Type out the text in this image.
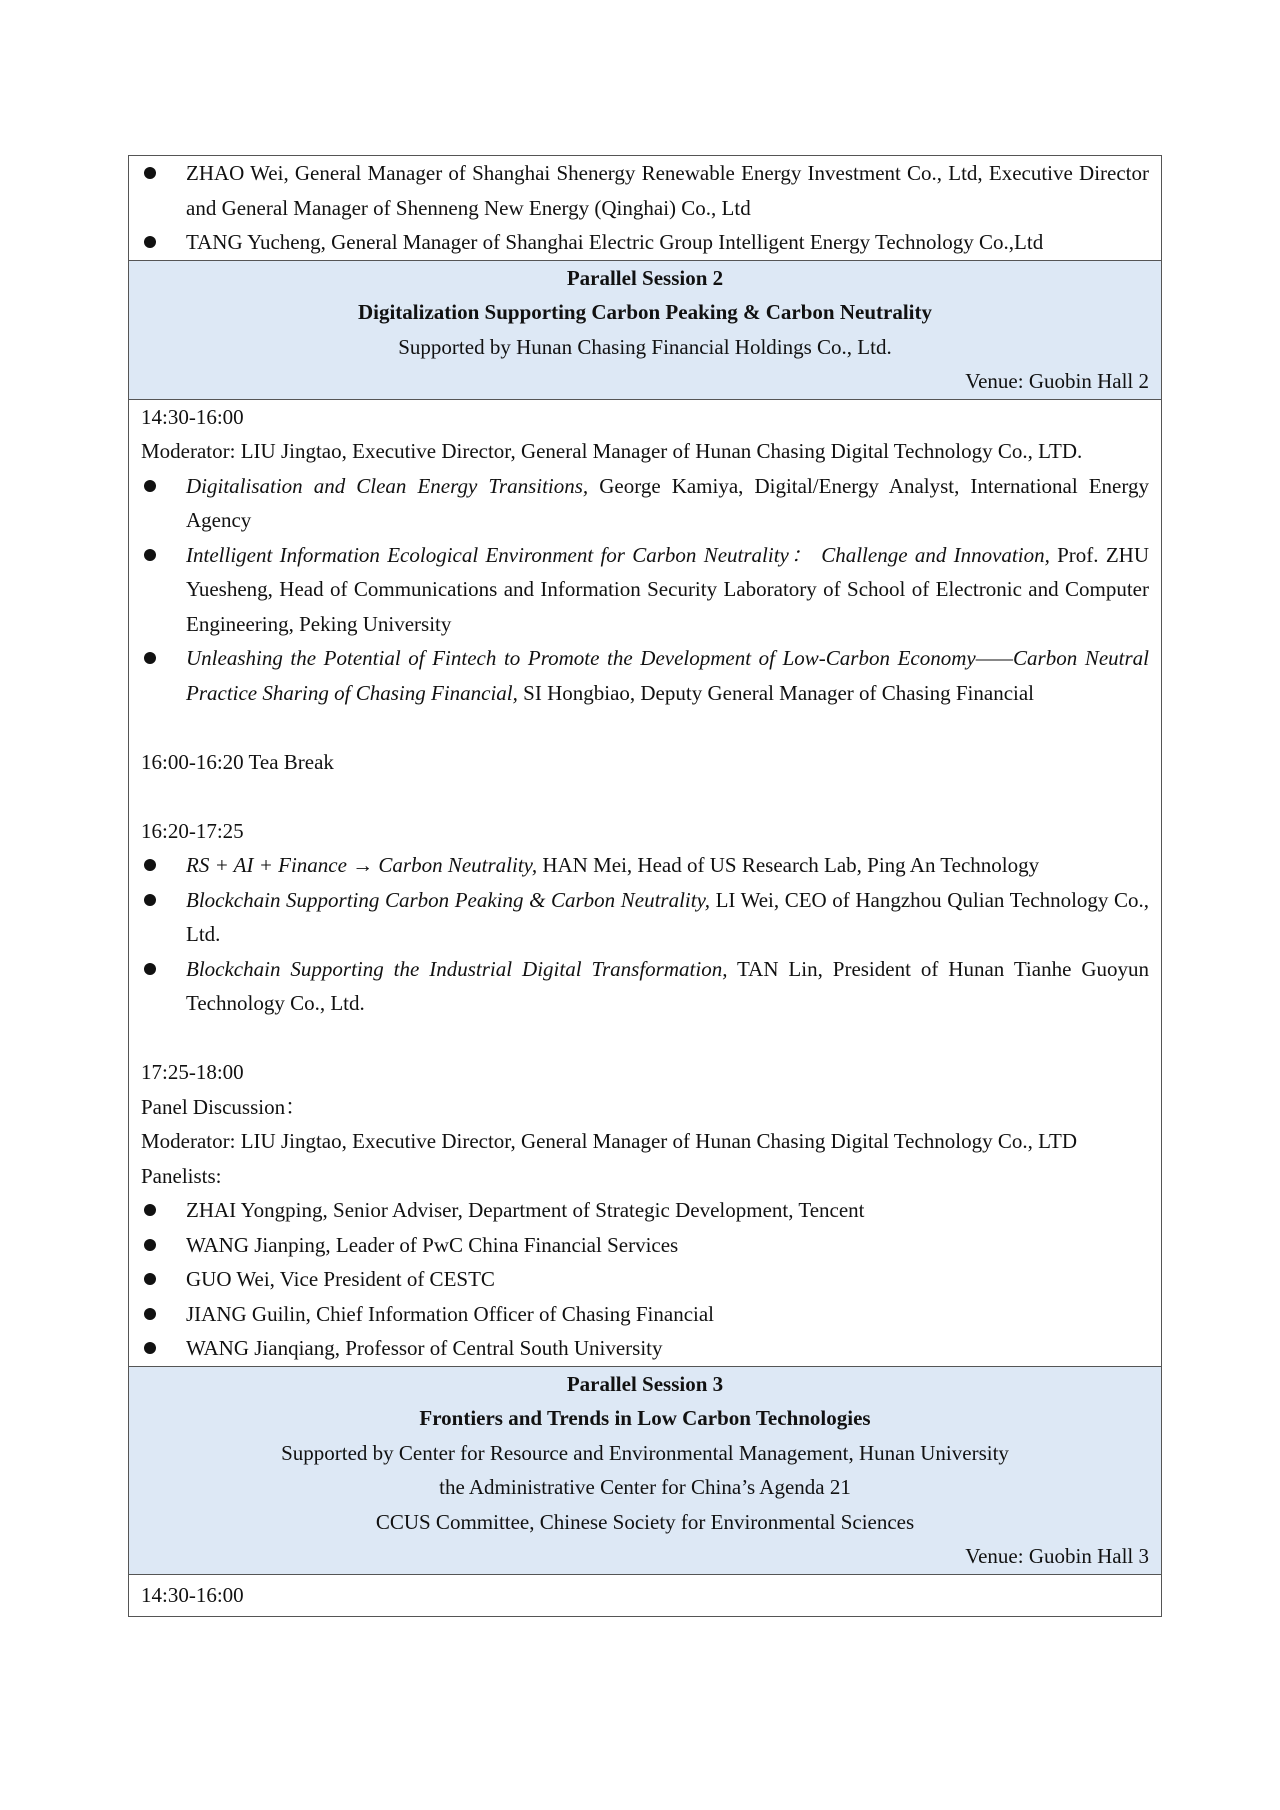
ZHAO Wei, General Manager of Shanghai Shenergy Renewable Energy Investment Co., Ltd, Executive Director and General Manager of Shenneng New Energy (Qinghai) Co., Ltd
TANG Yucheng, General Manager of Shanghai Electric Group Intelligent Energy Technology Co.,Ltd
Parallel Session 2
Digitalization Supporting Carbon Peaking & Carbon Neutrality
Supported by Hunan Chasing Financial Holdings Co., Ltd.
Venue: Guobin Hall 2
14:30-16:00
Moderator: LIU Jingtao, Executive Director, General Manager of Hunan Chasing Digital Technology Co., LTD.
Digitalisation and Clean Energy Transitions, George Kamiya, Digital/Energy Analyst, International Energy Agency
Intelligent Information Ecological Environment for Carbon Neutrality： Challenge and Innovation, Prof. ZHU Yuesheng, Head of Communications and Information Security Laboratory of School of Electronic and Computer Engineering, Peking University
Unleashing the Potential of Fintech to Promote the Development of Low-Carbon Economy——Carbon Neutral Practice Sharing of Chasing Financial, SI Hongbiao, Deputy General Manager of Chasing Financial
16:00-16:20 Tea Break
16:20-17:25
RS + AI + Finance → Carbon Neutrality, HAN Mei, Head of US Research Lab, Ping An Technology
Blockchain Supporting Carbon Peaking & Carbon Neutrality, LI Wei, CEO of Hangzhou Qulian Technology Co., Ltd.
Blockchain Supporting the Industrial Digital Transformation, TAN Lin, President of Hunan Tianhe Guoyun Technology Co., Ltd.
17:25-18:00
Panel Discussion：
Moderator: LIU Jingtao, Executive Director, General Manager of Hunan Chasing Digital Technology Co., LTD
Panelists:
ZHAI Yongping, Senior Adviser, Department of Strategic Development, Tencent
WANG Jianping, Leader of PwC China Financial Services
GUO Wei, Vice President of CESTC
JIANG Guilin, Chief Information Officer of Chasing Financial
WANG Jianqiang, Professor of Central South University
Parallel Session 3
Frontiers and Trends in Low Carbon Technologies
Supported by Center for Resource and Environmental Management, Hunan University
the Administrative Center for China’s Agenda 21
CCUS Committee, Chinese Society for Environmental Sciences
Venue: Guobin Hall 3
14:30-16:00
